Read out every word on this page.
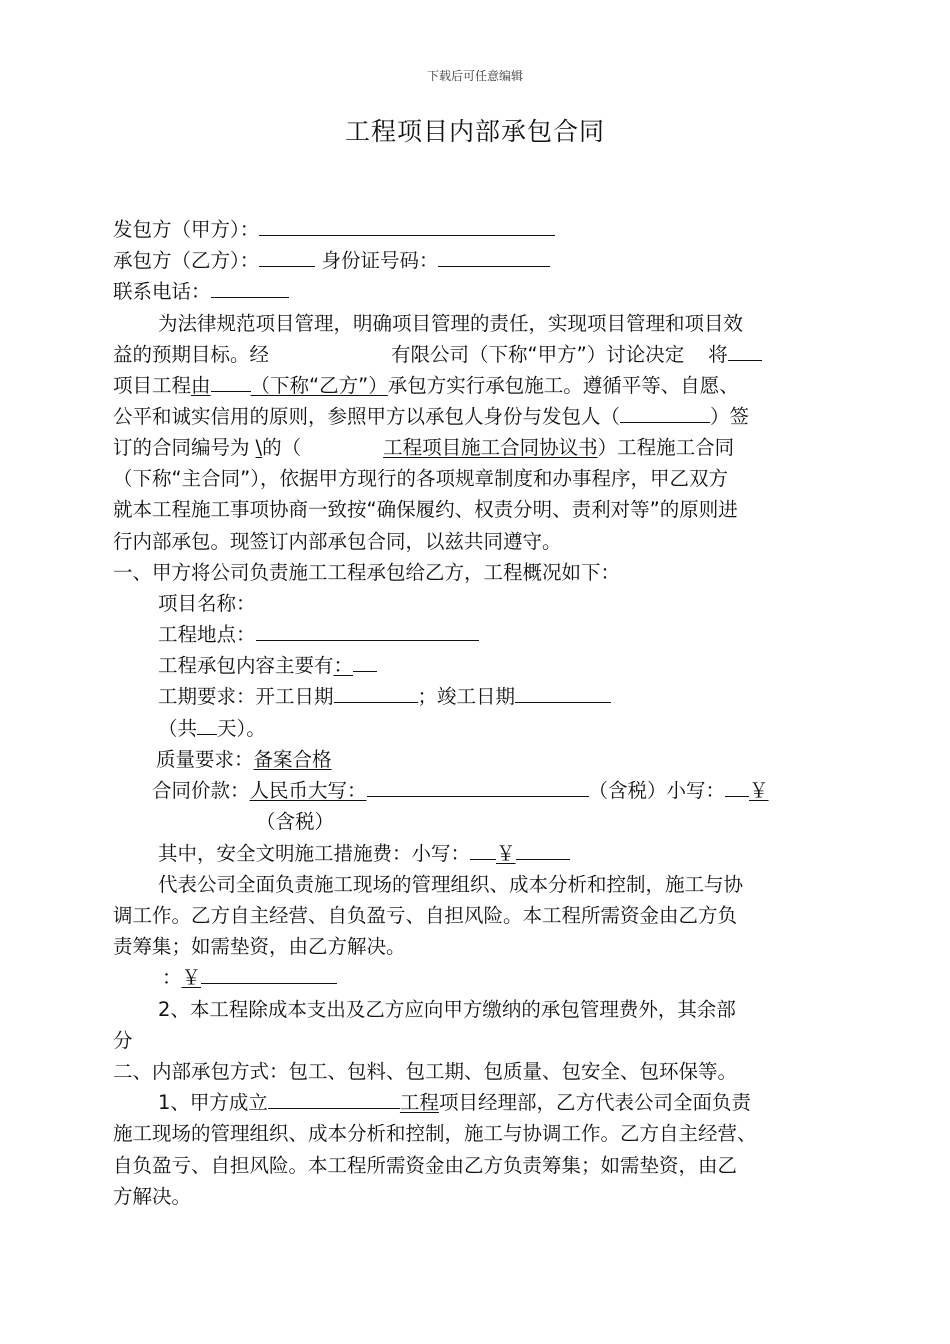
下载后可任意编辑
工程项目内部承包合同
发包方（甲方）：
承包方（乙方）：	身份证号码：
联系电话：
为法律规范项目管理，明确项目管理的责任，实现项目管理和项目效
益的预期目标。经	有限公司（下称“甲方”）讨论决定 将
项目工程由 （下称“乙方”）承包方实行承包施工。遵循平等、自愿、
公平和诚实信用的原则，参照甲方以承包人身份与发包人（	）签
订的合同编号为 \的（	工程项目施工合同协议书）工程施工合同
（下称“主合同”），依据甲方现行的各项规章制度和办事程序，甲乙双方
就本工程施工事项协商一致按“确保履约、权责分明、责利对等”的原则进
行内部承包。现签订内部承包合同，以兹共同遵守。
一、甲方将公司负责施工工程承包给乙方，工程概况如下：
项目名称：
工程地点：
工程承包内容主要有：
工期要求：开工日期	；竣工日期
（共 天）。
质量要求：备案合格
合同价款：人民币大写：	（含税）小写： ￥
（含税）
其中，安全文明施工措施费：小写： ￥
代表公司全面负责施工现场的管理组织、成本分析和控制，施工与协
调工作。乙方自主经营、自负盈亏、自担风险。本工程所需资金由乙方负
责筹集；如需垫资，由乙方解决。
：￥
2、本工程除成本支出及乙方应向甲方缴纳的承包管理费外，其余部
分
二、内部承包方式：包工、包料、包工期、包质量、包安全、包环保等。
1、甲方成立	工程项目经理部，乙方代表公司全面负责
施工现场的管理组织、成本分析和控制，施工与协调工作。乙方自主经营、
自负盈亏、自担风险。本工程所需资金由乙方负责筹集；如需垫资，由乙
方解决。
